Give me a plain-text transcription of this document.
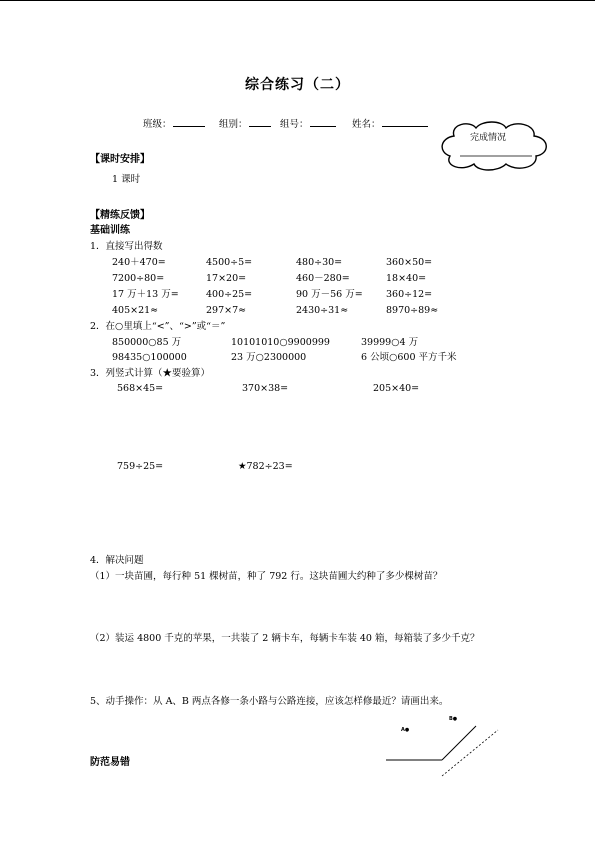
综合练习（二）
班级：	组别：	组号：	姓名：
完成情况
【课时安排】
1 课时
【精练反馈】
基础训练
1．直接写出得数
240＋470=	4500÷5=	480÷30=	360×50=
7200÷80=	17×20=	460－280=	18×40=
17 万＋13 万=	400÷25=	90 万－56 万= 360÷12=
405×21≈	297×7≈	2430÷31≈	8970÷89≈
2．在○里填上“<”、“>”或“＝”
850000○85 万	10101010○9900999	39999○4 万
98435○100000	23 万○2300000	6 公顷○600 平方千米
3．列竖式计算（★要验算）
568×45=	370×38=	205×40=
759÷25=	★782÷23=
4．解决问题
（1）一块苗圃，每行种 51 棵树苗，种了 792 行。这块苗圃大约种了多少棵树苗？
（2）装运 4800 千克的苹果，一共装了 2 辆卡车，每辆卡车装 40 箱，每箱装了多少千克？
5、动手操作：从 A、B 两点各修一条小路与公路连接，应该怎样修最近？请画出来。
A●
B●
防范易错
